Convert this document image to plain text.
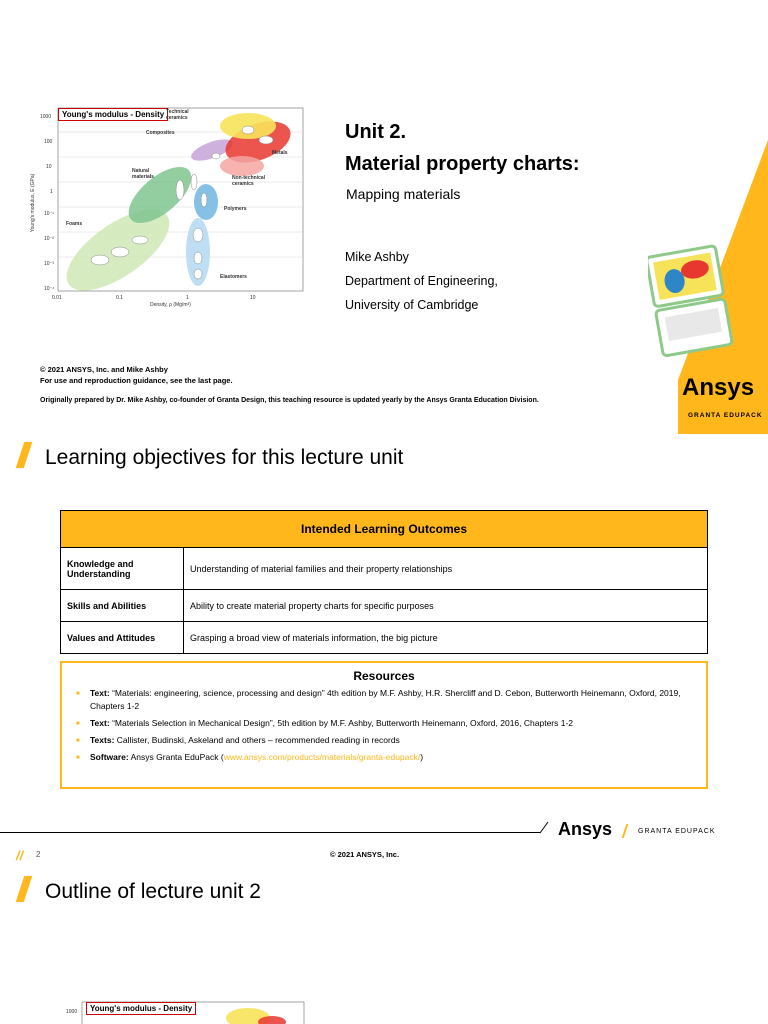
Young's modulus - Density
Young's modulus, E (GPa)
Density, ρ (Mg/m³)
1000
100
10
1
10⁻¹
10⁻²
10⁻³
10⁻⁴
0.01	0.1	1	10
Technical ceramics
Composites
Natural materials
Foams
Metals
Non-technical ceramics
Polymers
Elastomers
Unit 2.
Material property charts:
Mapping materials
Mike Ashby
Department of Engineering,
University of Cambridge
© 2021 ANSYS, Inc. and Mike Ashby
For use and reproduction guidance, see the last page.
Originally prepared by Dr. Mike Ashby, co-founder of Granta Design, this teaching resource is updated yearly by the Ansys Granta Education Division.	Ansys
GRANTA EDUPACK
Learning objectives for this lecture unit
Intended Learning Outcomes	
Knowledge and Understanding	Understanding of material families and their property relationships
Skills and Abilities	Ability to create material property charts for specific purposes
Values and Attitudes	Grasping a broad view of materials information, the big picture
Resources
■ Text: “Materials: engineering, science, processing and design” 4th edition by M.F. Ashby, H.R. Shercliff and D. Cebon, Butterworth Heinemann, Oxford, 2019, Chapters 1-2
■ Text: “Materials Selection in Mechanical Design”, 5th edition by M.F. Ashby, Butterworth Heinemann, Oxford, 2016, Chapters 1-2
■ Texts: Callister, Budinski, Askeland and others – recommended reading in records
■ Software: Ansys Granta EduPack (www.ansys.com/products/materials/granta-edupack/)
Ansys	GRANTA EDUPACK
// 2	© 2021 ANSYS, Inc.
Outline of lecture unit 2
Young's modulus - Density
1000
